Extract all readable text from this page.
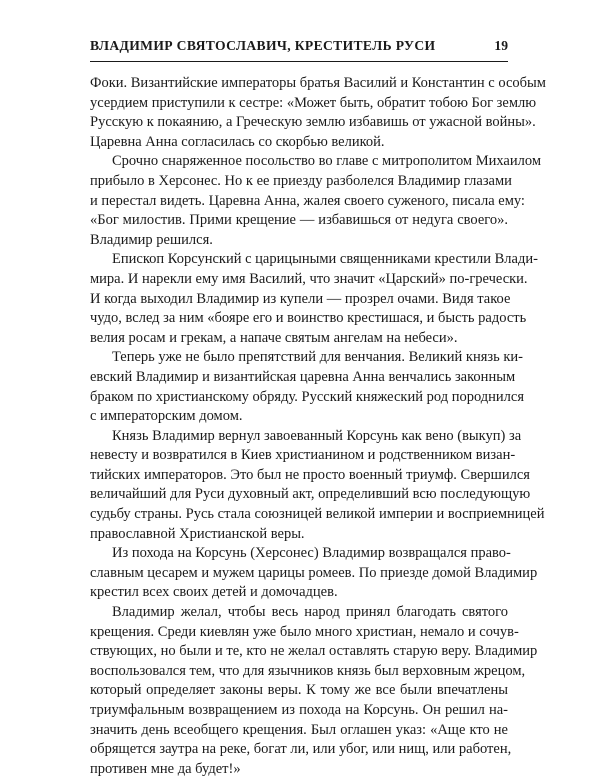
ВЛАДИМИР СВЯТОСЛАВИЧ, КРЕСТИТЕЛЬ РУСИ	19
Фоки. Византийские императоры братья Василий и Константин с особым
усердием приступили к сестре: «Может быть, обратит тобою Бог землю
Русскую к покаянию, а Греческую землю избавишь от ужасной войны».
Царевна Анна согласилась со скорбью великой.
Срочно снаряженное посольство во главе с митрополитом Михаилом
прибыло в Херсонес. Но к ее приезду разболелся Владимир глазами
и перестал видеть. Царевна Анна, жалея своего суженого, писала ему:
«Бог милостив. Прими крещение — избавишься от недуга своего».
Владимир решился.
Епископ Корсунский с царицыными священниками крестили Влади-
мира. И нарекли ему имя Василий, что значит «Царский» по-гречески.
И когда выходил Владимир из купели — прозрел очами. Видя такое
чудо, вслед за ним «бояре его и воинство крестишася, и бысть радость
велия росам и грекам, а напаче святым ангелам на небеси».
Теперь уже не было препятствий для венчания. Великий князь ки-
евский Владимир и византийская царевна Анна венчались законным
браком по христианскому обряду. Русский княжеский род породнился
с императорским домом.
Князь Владимир вернул завоеванный Корсунь как вено (выкуп) за
невесту и возвратился в Киев христианином и родственником визан-
тийских императоров. Это был не просто военный триумф. Свершился
величайший для Руси духовный акт, определивший всю последующую
судьбу страны. Русь стала союзницей великой империи и восприемницей
православной Христианской веры.
Из похода на Корсунь (Херсонес) Владимир возвращался право-
славным цесарем и мужем царицы ромеев. По приезде домой Владимир
крестил всех своих детей и домочадцев.
Владимир желал, чтобы весь народ принял благодать святого
крещения. Среди киевлян уже было много христиан, немало и сочув-
ствующих, но были и те, кто не желал оставлять старую веру. Владимир
воспользовался тем, что для язычников князь был верховным жрецом,
который определяет законы веры. К тому же все были впечатлены
триумфальным возвращением из похода на Корсунь. Он решил на-
значить день всеобщего крещения. Был оглашен указ: «Аще кто не
обрящется заутра на реке, богат ли, или убог, или нищ, или работен,
противен мне да будет!»
